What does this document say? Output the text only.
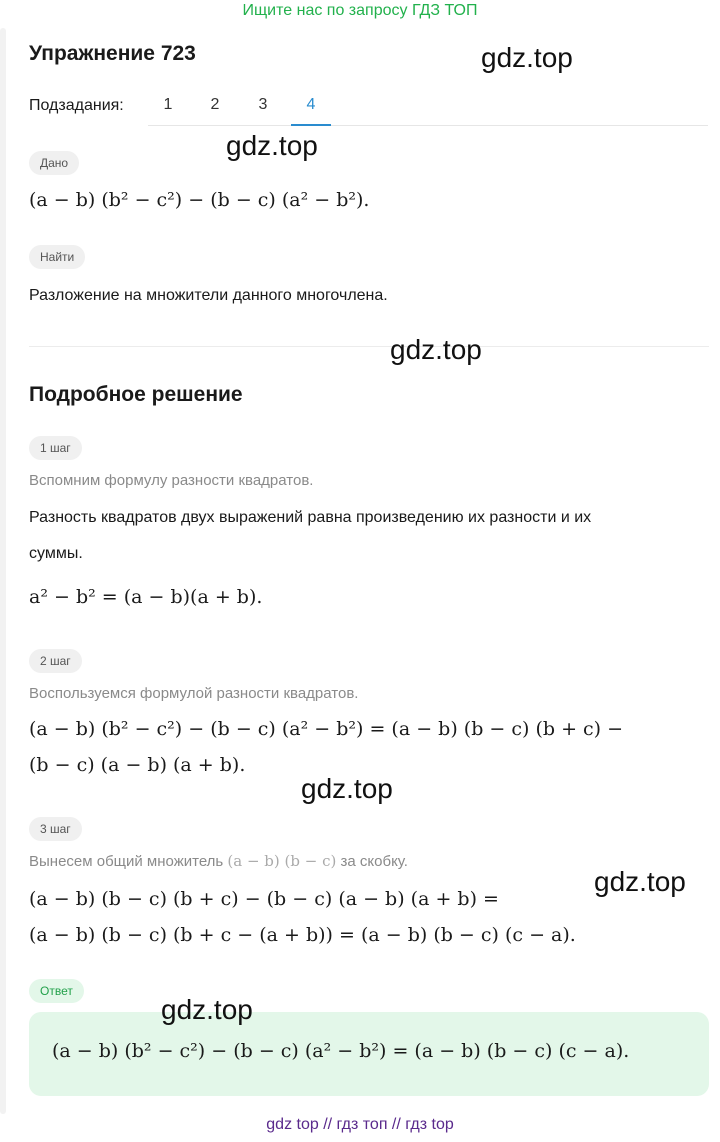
Ищите нас по запросу ГДЗ ТОП
Упражнение 723	gdz.top
Подзадания:	1	2	3	4
gdz.top
Дано
(a − b) (b² − c²) − (b − c) (a² − b²).
Найти
Разложение на множители данного многочлена.
gdz.top
Подробное решение
1 шаг
Вспомним формулу разности квадратов.
Разность квадратов двух выражений равна произведению их разности и их
суммы.
a² − b² = (a − b)(a + b).
2 шаг
Воспользуемся формулой разности квадратов.
(a − b) (b² − c²) − (b − c) (a² − b²) = (a − b) (b − c) (b + c) −
(b − c) (a − b) (a + b).
gdz.top
3 шаг
Вынесем общий множитель (a − b) (b − c) за скобку.
(a − b) (b − c) (b + c) − (b − c) (a − b) (a + b) =
(a − b) (b − c) (b + c − (a + b)) = (a − b) (b − c) (c − a).
gdz.top
Ответ
(a − b) (b² − c²) − (b − c) (a² − b²) = (a − b) (b − c) (c − a).
gdz.top
gdz top // гдз топ // гдз top
